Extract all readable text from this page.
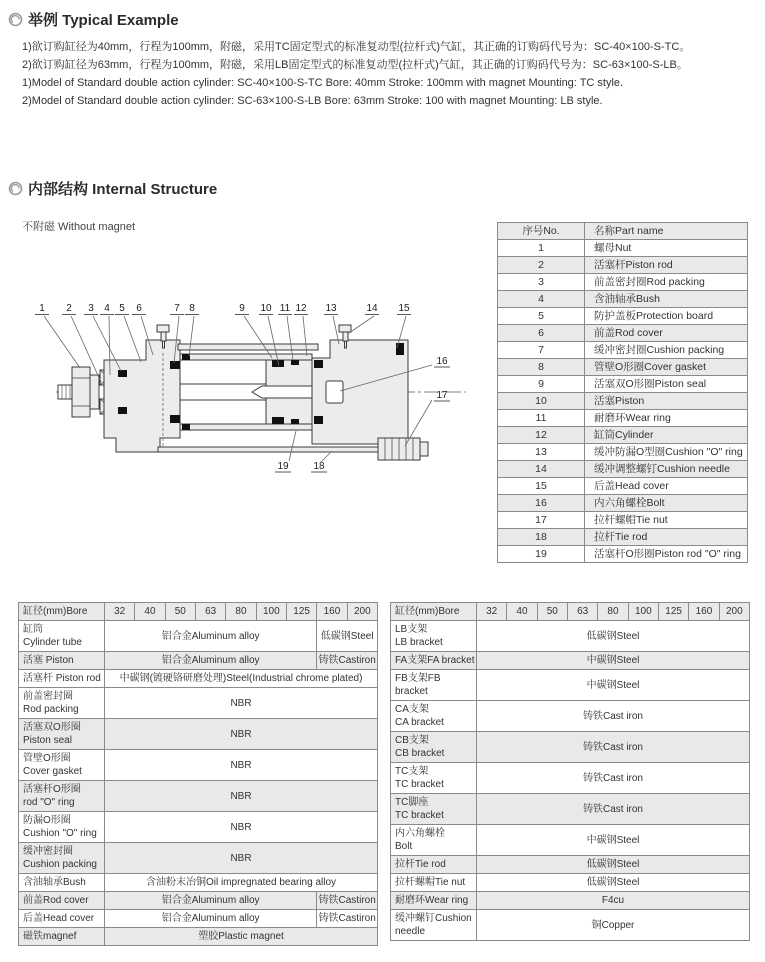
举例 Typical Example
1)欲订购缸径为40mm，行程为100mm，附磁，采用TC固定型式的标准复动型(拉杆式)气缸，其正确的订购码代号为：SC-40×100-S-TC。
2)欲订购缸径为63mm，行程为100mm，附磁，采用LB固定型式的标准复动型(拉杆式)气缸，其正确的订购码代号为：SC-63×100-S-LB。
1)Model of Standard double action cylinder: SC-40×100-S-TC Bore: 40mm Stroke: 100mm with magnet Mounting: TC style.
2)Model of Standard double action cylinder: SC-63×100-S-LB Bore: 63mm Stroke: 100 with magnet Mounting: LB style.
内部结构 Internal Structure
不附磁 Without magnet
1 2 3 4 5 6	7 8	9 10 11 12 13	14 15
16
17
18
19
序号No.	名称Part name
1	螺母Nut
2	活塞杆Piston rod
3	前盖密封圈Rod packing
4	含油轴承Bush
5	防护盖板Protection board
6	前盖Rod cover
7	缓冲密封圈Cushion packing
8	管壁O形圈Cover gasket
9	活塞双O形圈Piston seal
10	活塞Piston
11	耐磨环Wear ring
12	缸筒Cylinder
13	缓冲防漏O型圈Cushion "O" ring
14	缓冲调整螺钉Cushion needle
15	后盖Head cover
16	内六角螺栓Bolt
17	拉杆螺帽Tie nut
18	拉杆Tie rod
19	活塞杆O形圈Piston rod "O" ring
缸径(mm)Bore	32	40	50	63	80	100	125	160	200

缸筒
Cylinder tube	铝合金Aluminum alloy							低碳钢Steel	

活塞 Piston	铝合金Aluminum alloy							铸铁Castiron	

活塞杆 Piston rod	中碳钢(镀硬铬研磨处理)Steel(Industrial chrome plated)								

前盖密封圈
Rod packing	NBR								

活塞双O形圈
Piston seal	NBR								

管壁O形圈
Cover gasket	NBR								

活塞杆O形圈
rod "O" ring	NBR								

防漏O形圈
Cushion "O" ring	NBR								

缓冲密封圈
Cushion packing	NBR								

含油轴承Bush	含油粉末冶铜Oil impregnated bearing alloy								

前盖Rod cover	铝合金Aluminum alloy							铸铁Castiron	

后盖Head cover	铝合金Aluminum alloy							铸铁Castiron	

磁铁magnef	塑胶Plastic magnet								
缸径(mm)Bore	32	40	50	63	80	100	125	160	200

LB支架
LB bracket	低碳钢Steel								

FA支架FA bracket	中碳钢Steel								

FB支架FB bracket	中碳钢Steel								

CA支架
CA bracket	铸铁Cast iron								

CB支架
CB bracket	铸铁Cast iron								

TC支架
TC bracket	铸铁Cast iron								

TC脚座
TC bracket	铸铁Cast iron								

内六角螺栓
Bolt	中碳钢Steel								

拉杆Tie rod	低碳钢Steel								

拉杆螺帽Tie nut	低碳钢Steel								

耐磨环Wear ring	F4cu								

缓冲螺钉Cushion needle	铜Copper								
